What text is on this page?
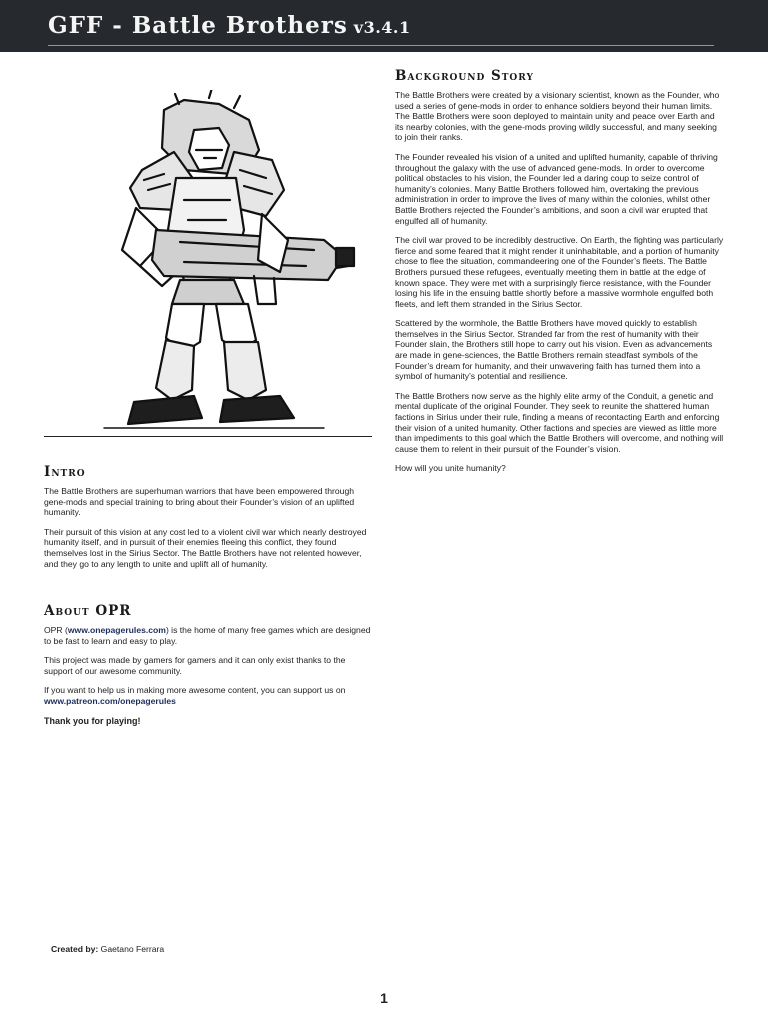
GFF - Battle Brothers v3.4.1
Intro

The Battle Brothers are superhuman warriors that have been empowered through gene-mods and special training to bring about their Founder’s vision of an uplifted humanity.

Their pursuit of this vision at any cost led to a violent civil war which nearly destroyed humanity itself, and in pursuit of their enemies fleeing this conflict, they found themselves lost in the Sirius Sector. The Battle Brothers have not relented however, and they go to any length to unite and uplift all of humanity.

About OPR

OPR (www.onepagerules.com) is the home of many free games which are designed to be fast to learn and easy to play.

This project was made by gamers for gamers and it can only exist thanks to the support of our awesome community.

If you want to help us in making more awesome content, you can support us on www.patreon.com/onepagerules

Thank you for playing!

Background Story

The Battle Brothers were created by a visionary scientist, known as the Founder, who used a series of gene-mods in order to enhance soldiers beyond their human limits. The Battle Brothers were soon deployed to maintain unity and peace over Earth and its nearby colonies, with the gene-mods proving wildly successful, and many seeking to join their ranks.

The Founder revealed his vision of a united and uplifted humanity, capable of thriving throughout the galaxy with the use of advanced gene-mods. In order to overcome political obstacles to his vision, the Founder led a daring coup to seize control of humanity’s colonies. Many Battle Brothers followed him, overtaking the previous administration in order to improve the lives of many within the colonies, whilst other Battle Brothers rejected the Founder’s ambitions, and soon a civil war erupted that engulfed all of humanity.

The civil war proved to be incredibly destructive. On Earth, the fighting was particularly fierce and some feared that it might render it uninhabitable, and a portion of humanity chose to flee the situation, commandeering one of the Founder’s fleets. The Battle Brothers pursued these refugees, eventually meeting them in battle at the edge of known space. They were met with a surprisingly fierce resistance, with the Founder losing his life in the ensuing battle shortly before a massive wormhole engulfed both fleets, and left them stranded in the Sirius Sector.

Scattered by the wormhole, the Battle Brothers have moved quickly to establish themselves in the Sirius Sector. Stranded far from the rest of humanity with their Founder slain, the Brothers still hope to carry out his vision. Even as advancements are made in gene-sciences, the Battle Brothers remain steadfast symbols of the Founder’s dream for humanity, and their unwavering faith has turned them into a symbol of humanity’s potential and resilience.

The Battle Brothers now serve as the highly elite army of the Conduit, a genetic and mental duplicate of the original Founder. They seek to reunite the shattered human factions in Sirius under their rule, finding a means of recontacting Earth and enforcing their vision of a united humanity. Other factions and species are viewed as little more than impediments to this goal which the Battle Brothers will overcome, and nothing will cause them to relent in their pursuit of the Founder’s vision.

How will you unite humanity?

Created by: Gaetano Ferrara
1
